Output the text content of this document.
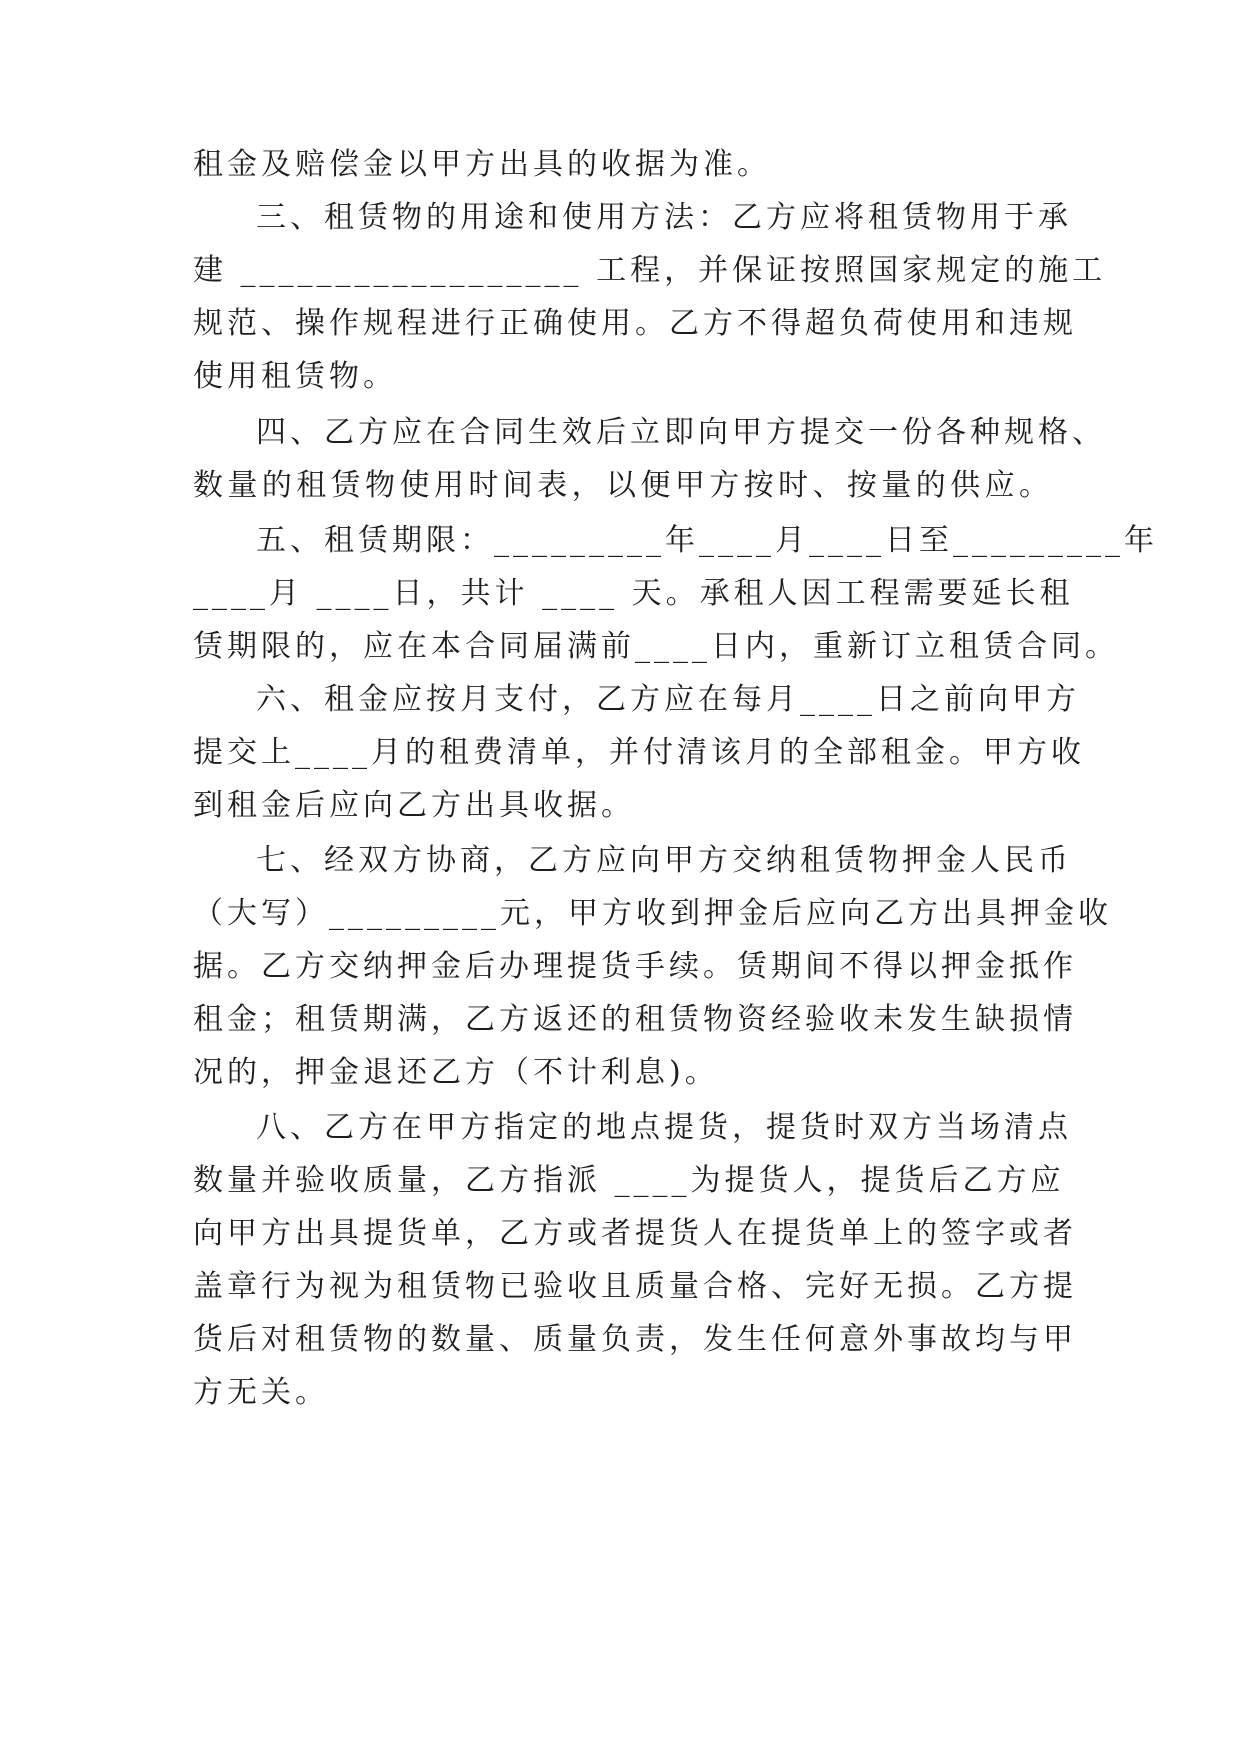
租金及赔偿金以甲方出具的收据为准。

三、租赁物的用途和使用方法：乙方应将租赁物用于承

建 __________________ 工程，并保证按照国家规定的施工

规范、操作规程进行正确使用。乙方不得超负荷使用和违规

使用租赁物。

四、乙方应在合同生效后立即向甲方提交一份各种规格、

数量的租赁物使用时间表，以便甲方按时、按量的供应。

五、租赁期限：_________年____月____日至_________年

____月 ____日，共计 ____ 天。承租人因工程需要延长租

赁期限的，应在本合同届满前____日内，重新订立租赁合同。

六、租金应按月支付，乙方应在每月____日之前向甲方

提交上____月的租费清单，并付清该月的全部租金。甲方收

到租金后应向乙方出具收据。

七、经双方协商，乙方应向甲方交纳租赁物押金人民币

（大写）_________元，甲方收到押金后应向乙方出具押金收

据。乙方交纳押金后办理提货手续。赁期间不得以押金抵作

租金；租赁期满，乙方返还的租赁物资经验收未发生缺损情

况的，押金退还乙方（不计利息)。

八、乙方在甲方指定的地点提货，提货时双方当场清点

数量并验收质量，乙方指派 ____为提货人，提货后乙方应

向甲方出具提货单，乙方或者提货人在提货单上的签字或者

盖章行为视为租赁物已验收且质量合格、完好无损。乙方提

货后对租赁物的数量、质量负责，发生任何意外事故均与甲

方无关。
